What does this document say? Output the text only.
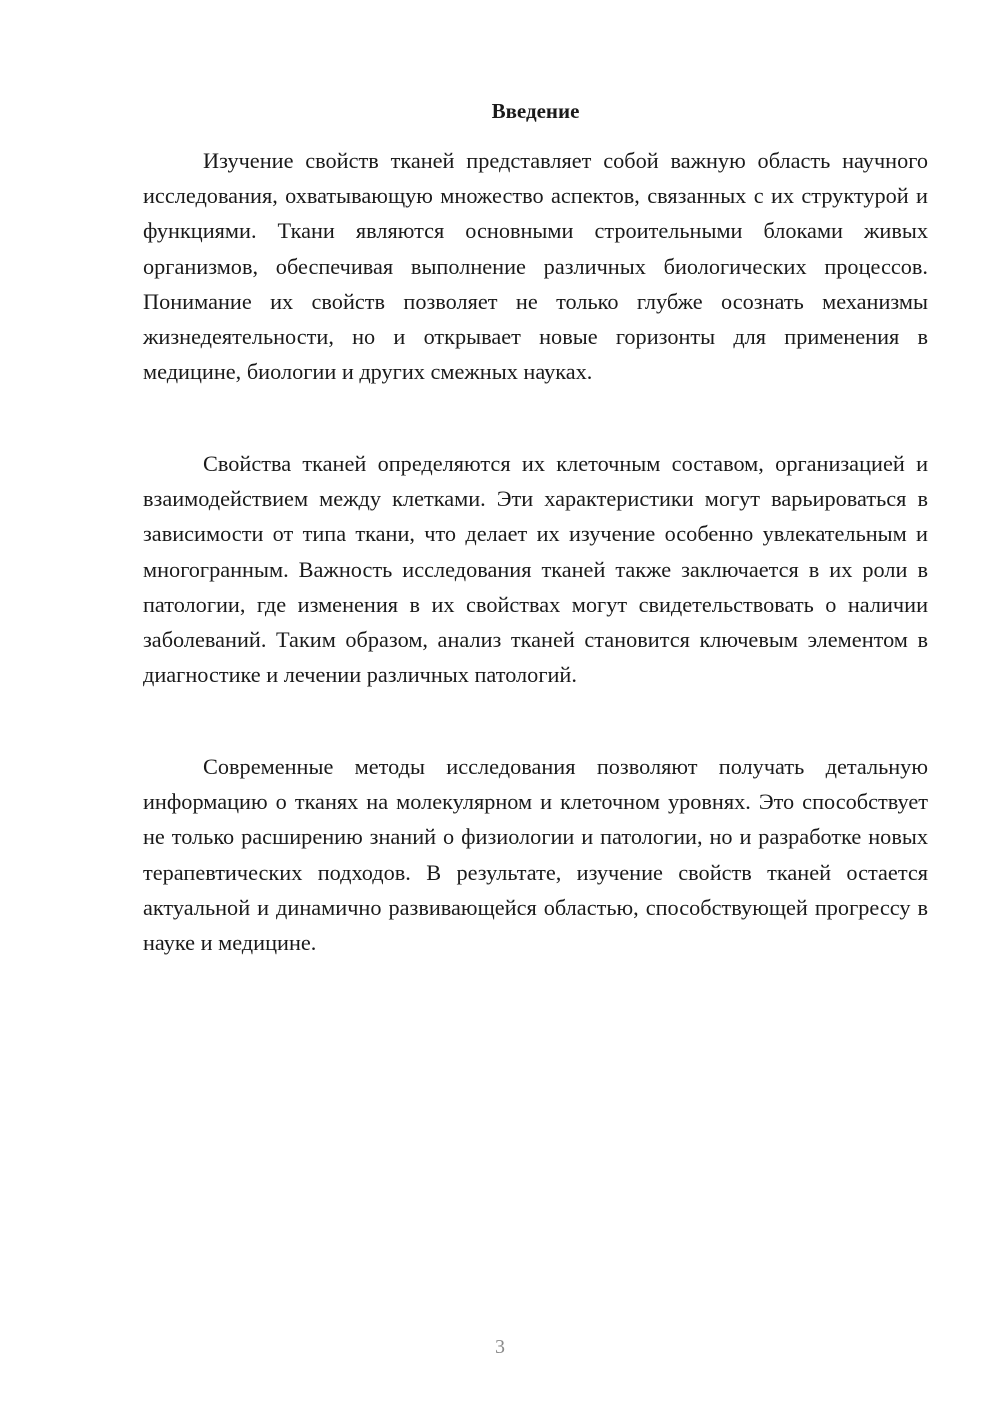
Введение

Изучение свойств тканей представляет собой важную область научного исследования, охватывающую множество аспектов, связанных с их структурой и функциями. Ткани являются основными строительными блоками живых организмов, обеспечивая выполнение различных биологических процессов. Понимание их свойств позволяет не только глубже осознать механизмы жизнедеятельности, но и открывает новые горизонты для применения в медицине, биологии и других смежных науках.

Свойства тканей определяются их клеточным составом, организацией и взаимодействием между клетками. Эти характеристики могут варьироваться в зависимости от типа ткани, что делает их изучение особенно увлекательным и многогранным. Важность исследования тканей также заключается в их роли в патологии, где изменения в их свойствах могут свидетельствовать о наличии заболеваний. Таким образом, анализ тканей становится ключевым элементом в диагностике и лечении различных патологий.

Современные методы исследования позволяют получать детальную информацию о тканях на молекулярном и клеточном уровнях. Это способствует не только расширению знаний о физиологии и патологии, но и разработке новых терапевтических подходов. В результате, изучение свойств тканей остается актуальной и динамично развивающейся областью, способствующей прогрессу в науке и медицине.

3
